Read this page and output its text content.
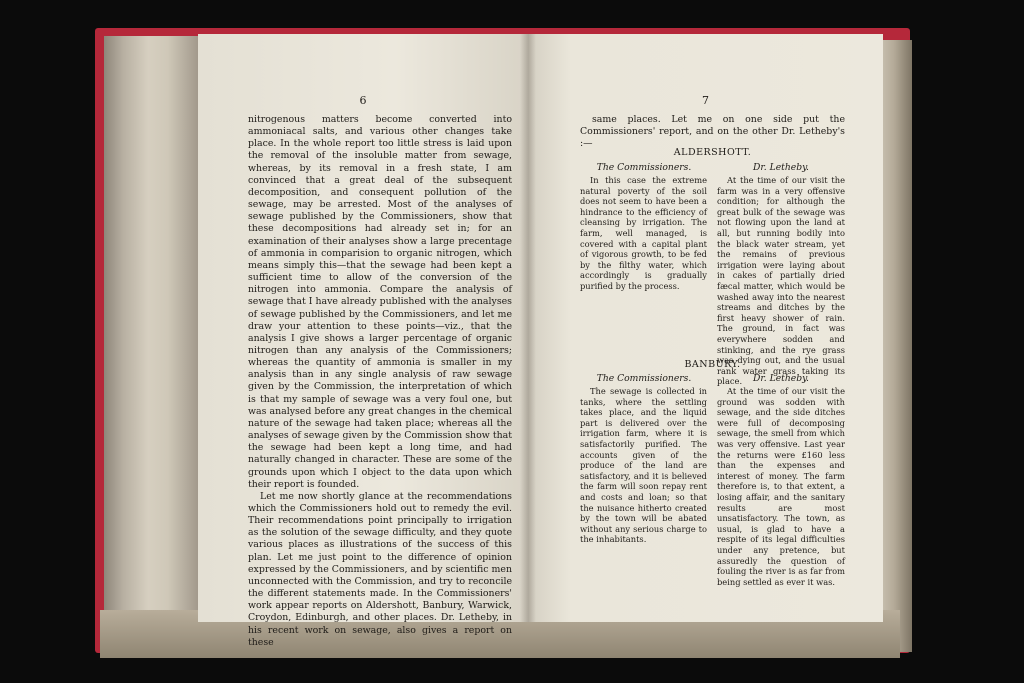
6

nitrogenous matters become converted into ammoniacal salts, and various other changes take place. In the whole report too little stress is laid upon the removal of the insoluble matter from sewage, whereas, by its removal in a fresh state, I am convinced that a great deal of the subsequent decomposition, and consequent pollution of the sewage, may be arrested. Most of the analyses of sewage published by the Commissioners, show that these decompositions had already set in; for an examination of their analyses show a large precentage of ammonia in comparision to organic nitrogen, which means simply this—that the sewage had been kept a sufficient time to allow of the conversion of the nitrogen into ammonia. Compare the analysis of sewage that I have already published with the analyses of sewage published by the Commissioners, and let me draw your attention to these points—viz., that the analysis I give shows a larger percentage of organic nitrogen than any analysis of the Commissioners; whereas the quantity of ammonia is smaller in my analysis than in any single analysis of raw sewage given by the Commission, the interpretation of which is that my sample of sewage was a very foul one, but was analysed before any great changes in the chemical nature of the sewage had taken place; whereas all the analyses of sewage given by the Commission show that the sewage had been kept a long time, and had naturally changed in character. These are some of the grounds upon which I object to the data upon which their report is founded.

Let me now shortly glance at the recommendations which the Commissioners hold out to remedy the evil. Their recommendations point principally to irrigation as the solution of the sewage difficulty, and they quote various places as illustrations of the success of this plan. Let me just point to the difference of opinion expressed by the Commissioners, and by scientific men unconnected with the Commission, and try to reconcile the different statements made. In the Commissioners' work appear reports on Aldershott, Banbury, Warwick, Croydon, Edinburgh, and other places. Dr. Letheby, in his recent work on sewage, also gives a report on these

7

same places. Let me on one side put the Commissioners' report, and on the other Dr. Letheby's :—

ALDERSHOTT.
The Commissioners.	Dr. Letheby.

In this case the extreme natural poverty of the soil does not seem to have been a hindrance to the efficiency of cleansing by irrigation. The farm, well managed, is covered with a capital plant of vigorous growth, to be fed by the filthy water, which accordingly is gradually purified by the process.

At the time of our visit the farm was in a very offensive condition; for although the great bulk of the sewage was not flowing upon the land at all, but running bodily into the black water stream, yet the remains of previous irrigation were laying about in cakes of partially dried fæcal matter, which would be washed away into the nearest streams and ditches by the first heavy shower of rain. The ground, in fact was everywhere sodden and stinking, and the rye grass was dying out, and the usual rank water grass taking its place.

BANBURY.
The Commissioners.	Dr. Letheby.

The sewage is collected in tanks, where the settling takes place, and the liquid part is delivered over the irrigation farm, where it is satisfactorily purified. The accounts given of the produce of the land are satisfactory, and it is believed the farm will soon repay rent and costs and loan; so that the nuisance hitherto created by the town will be abated without any serious charge to the inhabitants.

At the time of our visit the ground was sodden with sewage, and the side ditches were full of decomposing sewage, the smell from which was very offensive. Last year the returns were £160 less than the expenses and interest of money. The farm therefore is, to that extent, a losing affair, and the sanitary results are most unsatisfactory. The town, as usual, is glad to have a respite of its legal difficulties under any pretence, but assuredly the question of fouling the river is as far from being settled as ever it was.
